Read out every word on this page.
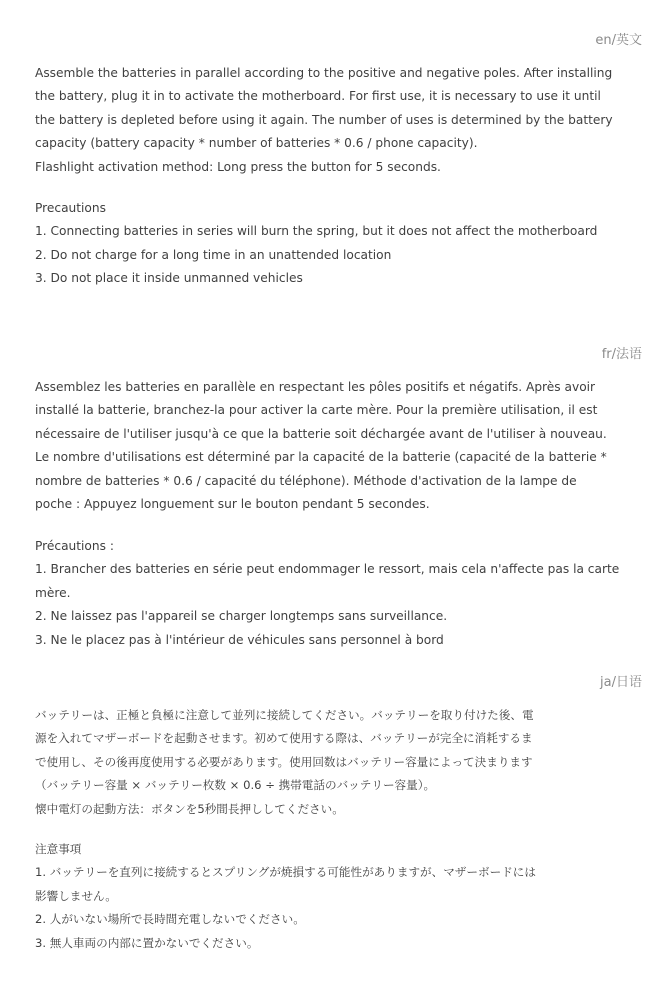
en/英文

Assemble the batteries in parallel according to the positive and negative poles. After installing

the battery, plug it in to activate the motherboard. For first use, it is necessary to use it until

the battery is depleted before using it again. The number of uses is determined by the battery

capacity (battery capacity * number of batteries * 0.6 / phone capacity).

Flashlight activation method: Long press the button for 5 seconds.

Precautions

1. Connecting batteries in series will burn the spring, but it does not affect the motherboard

2. Do not charge for a long time in an unattended location

3. Do not place it inside unmanned vehicles

fr/法语

Assemblez les batteries en parallèle en respectant les pôles positifs et négatifs. Après avoir

installé la batterie, branchez-la pour activer la carte mère. Pour la première utilisation, il est

nécessaire de l'utiliser jusqu'à ce que la batterie soit déchargée avant de l'utiliser à nouveau.

Le nombre d'utilisations est déterminé par la capacité de la batterie (capacité de la batterie *

nombre de batteries * 0.6 / capacité du téléphone). Méthode d'activation de la lampe de

poche : Appuyez longuement sur le bouton pendant 5 secondes.

Précautions :

1. Brancher des batteries en série peut endommager le ressort, mais cela n'affecte pas la carte

mère.

2. Ne laissez pas l'appareil se charger longtemps sans surveillance.

3. Ne le placez pas à l'intérieur de véhicules sans personnel à bord

ja/日语

バッテリーは、正極と負極に注意して並列に接続してください。バッテリーを取り付けた後、電

源を入れてマザーボードを起動させます。初めて使用する際は、バッテリーが完全に消耗するま

で使用し、その後再度使用する必要があります。使用回数はバッテリー容量によって決まります

（バッテリー容量 × バッテリー枚数 × 0.6 ÷ 携帯電話のバッテリー容量）。

懐中電灯の起動方法：ボタンを5秒間長押ししてください。

注意事項

1. バッテリーを直列に接続するとスプリングが焼損する可能性がありますが、マザーボードには

影響しません。

2. 人がいない場所で長時間充電しないでください。

3. 無人車両の内部に置かないでください。
